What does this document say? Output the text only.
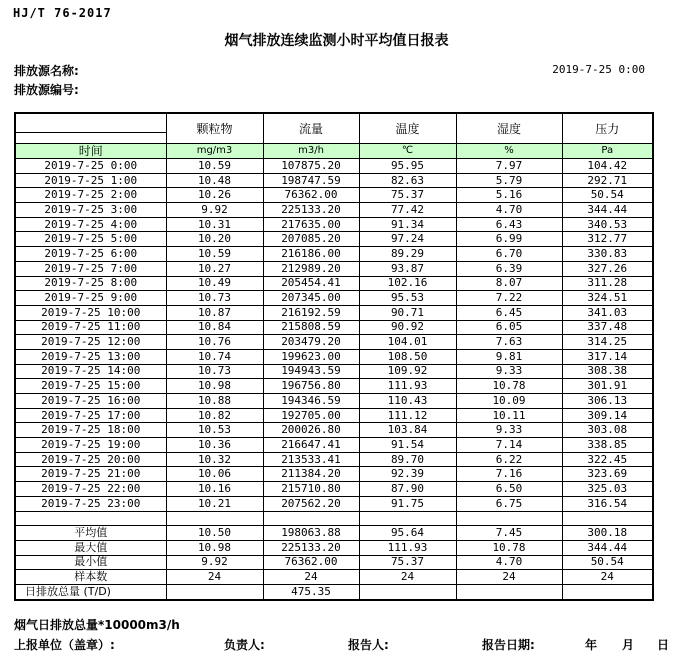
HJ/T 76-2017
烟气排放连续监测小时平均值日报表
排放源名称:
排放源编号:
2019-7-25 0:00
	颗粒物	流量	温度	湿度	压力

时间	mg/m3	m3/h	℃	%	Pa
2019-7-25 0:00	10.59	107875.20	95.95	7.97	104.42
2019-7-25 1:00	10.48	198747.59	82.63	5.79	292.71
2019-7-25 2:00	10.26	76362.00	75.37	5.16	50.54
2019-7-25 3:00	9.92	225133.20	77.42	4.70	344.44
2019-7-25 4:00	10.31	217635.00	91.34	6.43	340.53
2019-7-25 5:00	10.20	207085.20	97.24	6.99	312.77
2019-7-25 6:00	10.59	216186.00	89.29	6.70	330.83
2019-7-25 7:00	10.27	212989.20	93.87	6.39	327.26
2019-7-25 8:00	10.49	205454.41	102.16	8.07	311.28
2019-7-25 9:00	10.73	207345.00	95.53	7.22	324.51
2019-7-25 10:00	10.87	216192.59	90.71	6.45	341.03
2019-7-25 11:00	10.84	215808.59	90.92	6.05	337.48
2019-7-25 12:00	10.76	203479.20	104.01	7.63	314.25
2019-7-25 13:00	10.74	199623.00	108.50	9.81	317.14
2019-7-25 14:00	10.73	194943.59	109.92	9.33	308.38
2019-7-25 15:00	10.98	196756.80	111.93	10.78	301.91
2019-7-25 16:00	10.88	194346.59	110.43	10.09	306.13
2019-7-25 17:00	10.82	192705.00	111.12	10.11	309.14
2019-7-25 18:00	10.53	200026.80	103.84	9.33	303.08
2019-7-25 19:00	10.36	216647.41	91.54	7.14	338.85
2019-7-25 20:00	10.32	213533.41	89.70	6.22	322.45
2019-7-25 21:00	10.06	211384.20	92.39	7.16	323.69
2019-7-25 22:00	10.16	215710.80	87.90	6.50	325.03
2019-7-25 23:00	10.21	207562.20	91.75	6.75	316.54

平均值	10.50	198063.88	95.64	7.45	300.18
最大值	10.98	225133.20	111.93	10.78	344.44
最小值	9.92	76362.00	75.37	4.70	50.54
样本数	24	24	24	24	24
日排放总量 (T/D)		475.35			
烟气日排放总量*10000m3/h
上报单位（盖章）:	负责人:	报告人:	报告日期:	年 月 日
